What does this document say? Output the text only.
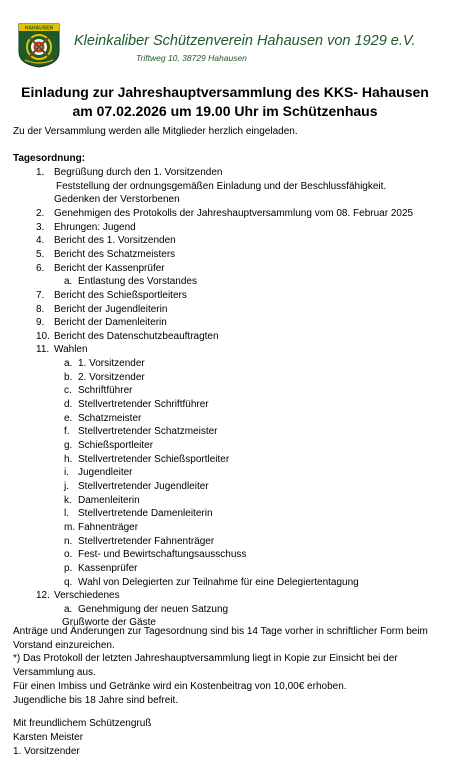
HAHAUSEN
Kleinkaliber Schützenverein Hahausen von 1929 e.V.
Triftweg 10, 38729 Hahausen
Einladung zur Jahreshauptversammlung des KKS- Hahausen
am 07.02.2026 um 19.00 Uhr im Schützenhaus
Zu der Versammlung werden alle Mitglieder herzlich eingeladen.
Tagesordnung:
1. Begrüßung durch den 1. Vorsitzenden
Feststellung der ordnungsgemäßen Einladung und der Beschlussfähigkeit.
Gedenken der Verstorbenen
2. Genehmigen des Protokolls der Jahreshauptversammlung vom 08. Februar 2025
3. Ehrungen: Jugend
4. Bericht des 1. Vorsitzenden
5. Bericht des Schatzmeisters
6. Bericht der Kassenprüfer
a. Entlastung des Vorstandes
7. Bericht des Schießsportleiters
8. Bericht der Jugendleiterin
9. Bericht der Damenleiterin
10. Bericht des Datenschutzbeauftragten
11. Wahlen
a. 1. Vorsitzender
b. 2. Vorsitzender
c. Schriftführer
d. Stellvertretender Schriftführer
e. Schatzmeister
f. Stellvertretender Schatzmeister
g. Schießsportleiter
h. Stellvertretender Schießsportleiter
i. Jugendleiter
j. Stellvertretender Jugendleiter
k. Damenleiterin
l. Stellvertretende Damenleiterin
m. Fahnenträger
n. Stellvertretender Fahnenträger
o. Fest- und Bewirtschaftungsausschuss
p. Kassenprüfer
q. Wahl von Delegierten zur Teilnahme für eine Delegiertentagung
12. Verschiedenes
a. Genehmigung der neuen Satzung
Grußworte der Gäste
Anträge und Änderungen zur Tagesordnung sind bis 14 Tage vorher in schriftlicher Form beim
Vorstand einzureichen.
*) Das Protokoll der letzten Jahreshauptversammlung liegt in Kopie zur Einsicht bei der
Versammlung aus.
Für einen Imbiss und Getränke wird ein Kostenbeitrag von 10,00€ erhoben.
Jugendliche bis 18 Jahre sind befreit.
Mit freundlichem Schützengruß
Karsten Meister
1. Vorsitzender
